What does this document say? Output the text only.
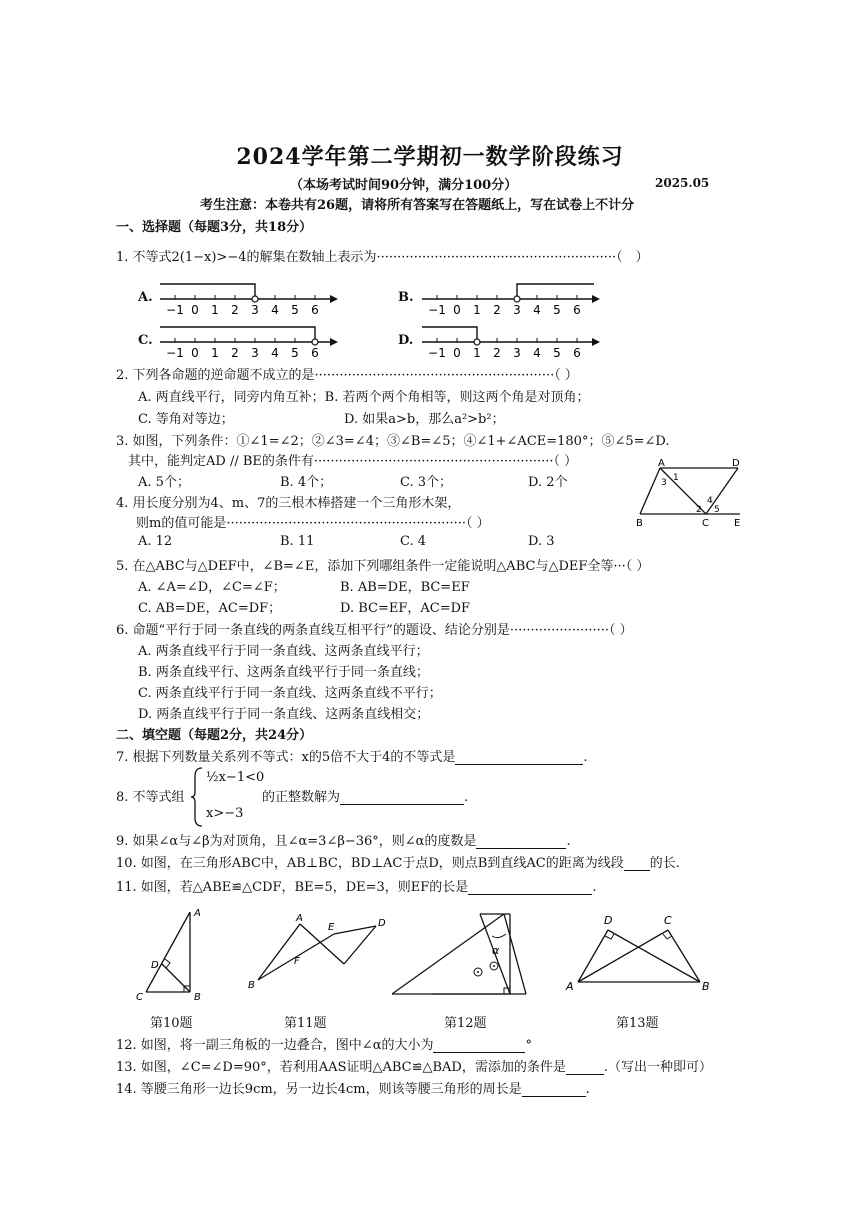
2024学年第二学期初一数学阶段练习
（本场考试时间90分钟，满分100分）	2025.05
考生注意：本卷共有26题，请将所有答案写在答题纸上，写在试卷上不计分
一、选择题（每题3分，共18分）
1. 不等式2(1−x)>−4的解集在数轴上表示为··························································（　）
A.	B.
C.	D.
−1 0 1 2 3 4 5 6	−1 0 1 2 3 4 5 6
−1 0 1 2 3 4 5 6	−1 0 1 2 3 4 5 6
2. 下列各命题的逆命题不成立的是··························································（ ）
A. 两直线平行，同旁内角互补；B. 若两个两个角相等，则这两个角是对顶角；
C. 等角对等边；	D. 如果a>b，那么a²>b²；
3. 如图，下列条件：①∠1=∠2；②∠3=∠4；③∠B=∠5；④∠1+∠ACE=180°；⑤∠5=∠D.
其中，能判定AD // BE的条件有··························································（ ）
A. 5个；	B. 4个；	C. 3个；	D. 2个
A	D
3 1
4
2 5
B	C	E
4. 用长度分别为4、m、7的三根木棒搭建一个三角形木架，
则m的值可能是··························································（ ）
A. 12	B. 11	C. 4	D. 3
5. 在△ABC与△DEF中，∠B=∠E，添加下列哪组条件一定能说明△ABC与△DEF全等···（ ）
A. ∠A=∠D，∠C=∠F；	B. AB=DE，BC=EF
C. AB=DE，AC=DF；	D. BC=EF，AC=DF
6. 命题“平行于同一条直线的两条直线互相平行”的题设、结论分别是························（ ）
A. 两条直线平行于同一条直线、这两条直线平行；
B. 两条直线平行、这两条直线平行于同一条直线；
C. 两条直线平行于同一条直线、这两条直线不平行；
D. 两条直线平行于同一条直线、这两条直线相交；
二、填空题（每题2分，共24分）
7. 根据下列数量关系列不等式：x的5倍不大于4的不等式是	.
8. 不等式组
½x−1<0
x>−3
的正整数解为	.
9. 如果∠α与∠β为对顶角，且∠α=3∠β−36°，则∠α的度数是	.
10. 如图，在三角形ABC中，AB⊥BC，BD⊥AC于点D，则点B到直线AC的距离为线段 的长.
11. 如图，若△ABE≌△CDF，BE=5，DE=3，则EF的长是	.
A
D
C	B
A
E	D
F
B
α
D	C
A	B
第10题	第11题	第12题	第13题
12. 如图，将一副三角板的一边叠合，图中∠α的大小为	°
13. 如图，∠C=∠D=90°，若利用AAS证明△ABC≌△BAD，需添加的条件是	.（写出一种即可）
14. 等腰三角形一边长9cm，另一边长4cm，则该等腰三角形的周长是	.
